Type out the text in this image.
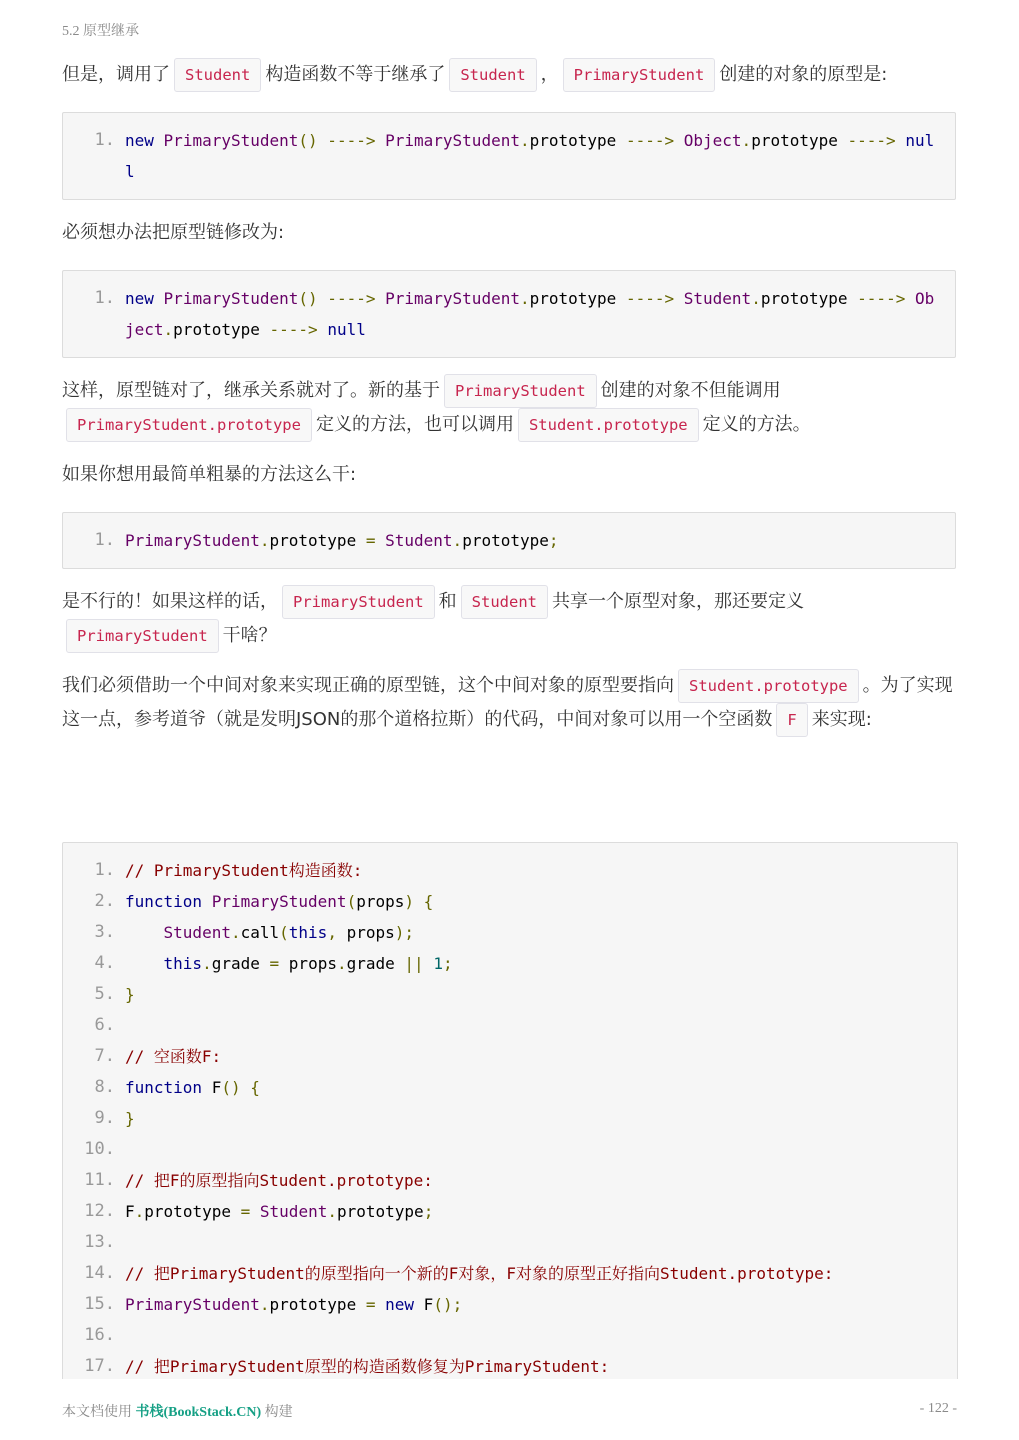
5.2 原型继承

但是，调用了 Student 构造函数不等于继承了 Student ， PrimaryStudent 创建的对象的原型是:

1. new PrimaryStudent() ----> PrimaryStudent.prototype ----> Object.prototype ----> null

必须想办法把原型链修改为:

1. new PrimaryStudent() ----> PrimaryStudent.prototype ----> Student.prototype ----> Object.prototype ----> null

这样，原型链对了，继承关系就对了。新的基于 PrimaryStudent 创建的对象不但能调用PrimaryStudent.prototype 定义的方法，也可以调用 Student.prototype 定义的方法。

如果你想用最简单粗暴的方法这么干:

1. PrimaryStudent.prototype = Student.prototype;

是不行的！如果这样的话， PrimaryStudent 和 Student 共享一个原型对象，那还要定义PrimaryStudent 干啥？

我们必须借助一个中间对象来实现正确的原型链，这个中间对象的原型要指向 Student.prototype 。为了实现这一点，参考道爷（就是发明JSON的那个道格拉斯）的代码，中间对象可以用一个空函数 F 来实现:

1. // PrimaryStudent构造函数:
2. function PrimaryStudent(props) {
3.	Student.call(this, props);
4.	this.grade = props.grade || 1;
5. }
6.

7. // 空函数F:
8. function F() {
9. }
10.

11. // 把F的原型指向Student.prototype:
12. F.prototype = Student.prototype;
13.

14. // 把PrimaryStudent的原型指向一个新的F对象，F对象的原型正好指向Student.prototype:
15. PrimaryStudent.prototype = new F();
16.

17. // 把PrimaryStudent原型的构造函数修复为PrimaryStudent:
本文档使用 书栈(BookStack.CN) 构建	- 122 -
